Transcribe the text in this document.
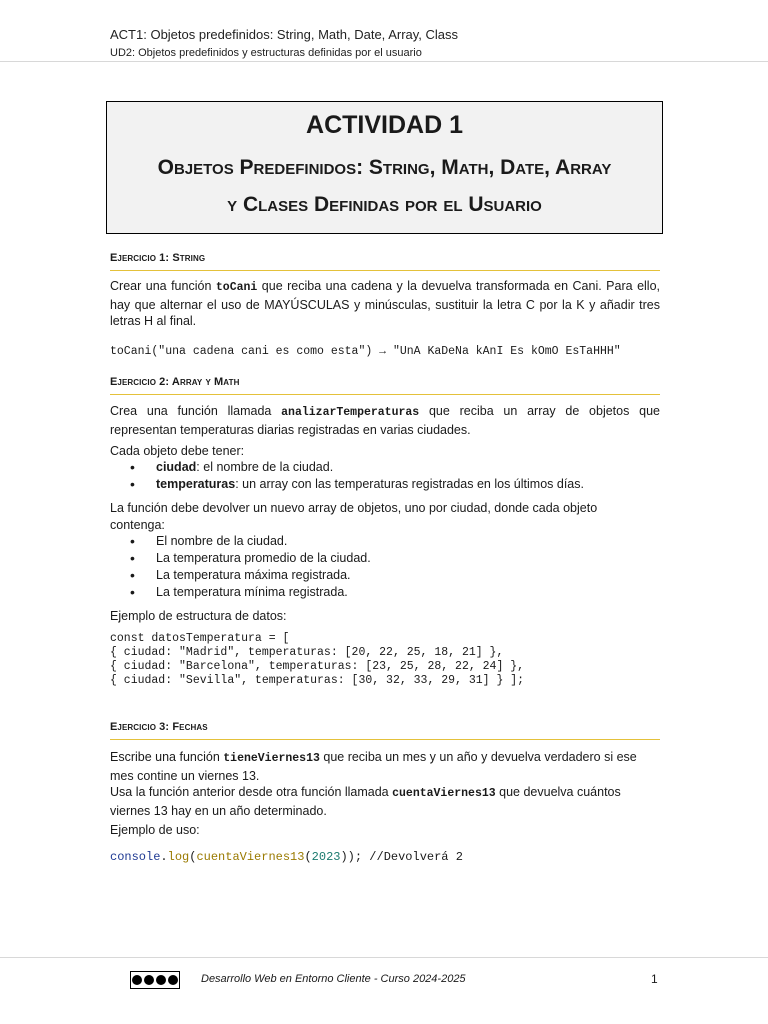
ACT1: Objetos predefinidos: String, Math, Date, Array, Class
UD2: Objetos predefinidos y estructuras definidas por el usuario
ACTIVIDAD 1
Objetos Predefinidos: String, Math, Date, Array
y Clases Definidas por el Usuario
Ejercicio 1: String
Crear una función toCani que reciba una cadena y la devuelva transformada en Cani. Para ello, hay que alternar el uso de MAYÚSCULAS y minúsculas, sustituir la letra C por la K y añadir tres letras H al final.
toCani("una cadena cani es como esta") → "UnA KaDeNa kAnI Es kOmO EsTaHHH"
Ejercicio 2: Array y Math
Crea una función llamada analizarTemperaturas que reciba un array de objetos que representan temperaturas diarias registradas en varias ciudades.
Cada objeto debe tener:
• ciudad: el nombre de la ciudad.
• temperaturas: un array con las temperaturas registradas en los últimos días.
La función debe devolver un nuevo array de objetos, uno por ciudad, donde cada objeto contenga:
• El nombre de la ciudad.
• La temperatura promedio de la ciudad.
• La temperatura máxima registrada.
• La temperatura mínima registrada.
Ejemplo de estructura de datos:
const datosTemperatura = [
{ ciudad: "Madrid", temperaturas: [20, 22, 25, 18, 21] },
{ ciudad: "Barcelona", temperaturas: [23, 25, 28, 22, 24] },
{ ciudad: "Sevilla", temperaturas: [30, 32, 33, 29, 31] } ];
Ejercicio 3: Fechas
Escribe una función tieneViernes13 que reciba un mes y un año y devuelva verdadero si ese mes contine un viernes 13.
Usa la función anterior desde otra función llamada cuentaViernes13 que devuelva cuántos viernes 13 hay en un año determinado.
Ejemplo de uso:
console.log(cuentaViernes13(2023)); //Devolverá 2
Desarrollo Web en Entorno Cliente - Curso 2024-2025	1
